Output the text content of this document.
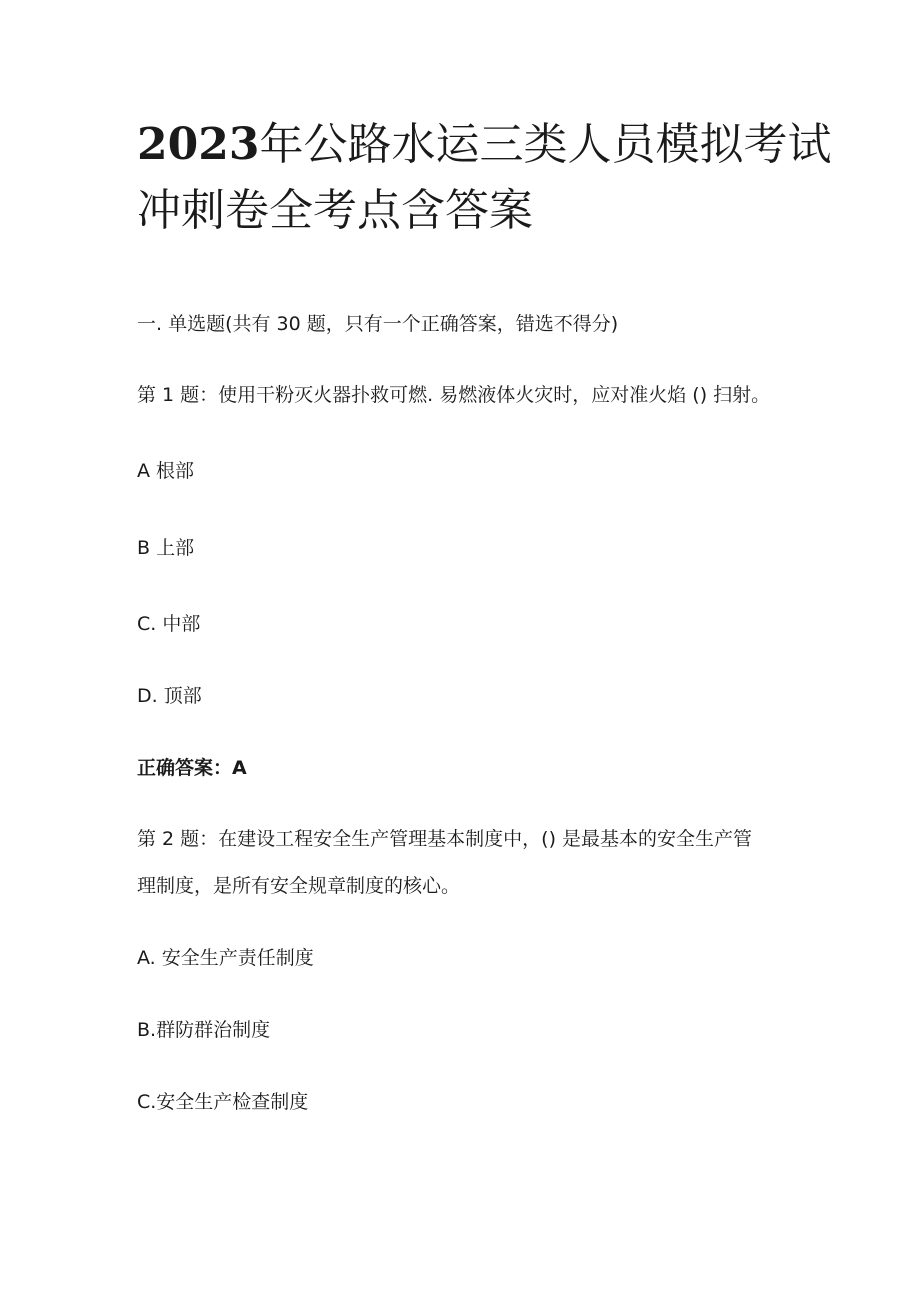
2023年公路水运三类人员模拟考试
冲刺卷全考点含答案

一. 单选题(共有 30 题，只有一个正确答案，错选不得分)

第 1 题：使用干粉灭火器扑救可燃. 易燃液体火灾时，应对准火焰 () 扫射。

A 根部

B 上部

C. 中部

D. 顶部

正确答案：A

第 2 题：在建设工程安全生产管理基本制度中，() 是最基本的安全生产管

理制度，是所有安全规章制度的核心。

A. 安全生产责任制度

B.群防群治制度

C.安全生产检查制度
